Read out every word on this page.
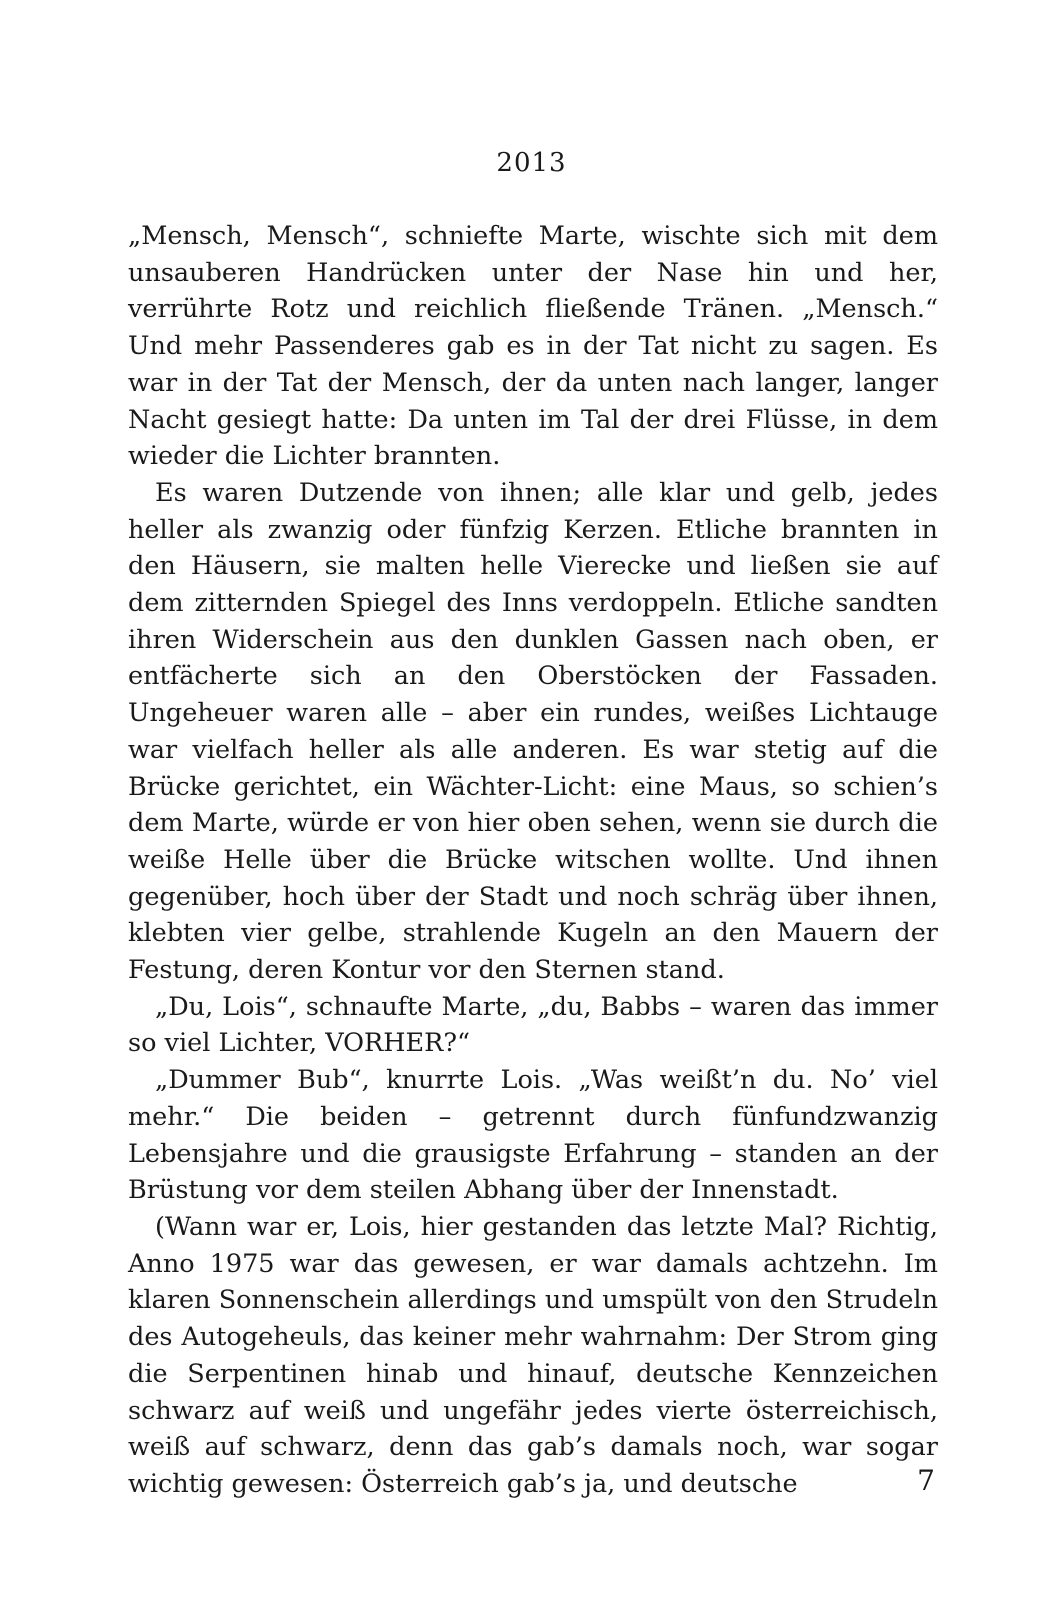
2013

„Mensch, Mensch“, schniefte Marte, wischte sich mit dem unsauberen Handrücken unter der Nase hin und her, verrührte Rotz und reichlich fließende Tränen. „Mensch.“ Und mehr Passenderes gab es in der Tat nicht zu sagen. Es war in der Tat der Mensch, der da unten nach langer, langer Nacht gesiegt hatte: Da unten im Tal der drei Flüsse, in dem wieder die Lichter brannten.

Es waren Dutzende von ihnen; alle klar und gelb, jedes heller als zwanzig oder fünfzig Kerzen. Etliche brannten in den Häusern, sie malten helle Vierecke und ließen sie auf dem zitternden Spiegel des Inns verdoppeln. Etliche sandten ihren Widerschein aus den dunklen Gassen nach oben, er entfächerte sich an den Oberstöcken der Fassaden. Ungeheuer waren alle – aber ein rundes, weißes Lichtauge war vielfach heller als alle anderen. Es war stetig auf die Brücke gerichtet, ein Wächter-Licht: eine Maus, so schien’s dem Marte, würde er von hier oben sehen, wenn sie durch die weiße Helle über die Brücke witschen wollte. Und ihnen gegenüber, hoch über der Stadt und noch schräg über ihnen, klebten vier gelbe, strahlende Kugeln an den Mauern der Festung, deren Kontur vor den Sternen stand.

„Du, Lois“, schnaufte Marte, „du, Babbs – waren das immer so viel Lichter, VORHER?“

„Dummer Bub“, knurrte Lois. „Was weißt’n du. No’ viel mehr.“ Die beiden – getrennt durch fünfundzwanzig Lebensjahre und die grausigste Erfahrung – standen an der Brüstung vor dem steilen Abhang über der Innenstadt.

(Wann war er, Lois, hier gestanden das letzte Mal? Richtig, Anno 1975 war das gewesen, er war damals achtzehn. Im klaren Sonnenschein allerdings und umspült von den Strudeln des Autogeheuls, das keiner mehr wahrnahm: Der Strom ging die Serpentinen hinab und hinauf, deutsche Kennzeichen schwarz auf weiß und ungefähr jedes vierte österreichisch, weiß auf schwarz, denn das gab’s damals noch, war sogar wichtig gewesen: Österreich gab’s ja, und deutsche	7
